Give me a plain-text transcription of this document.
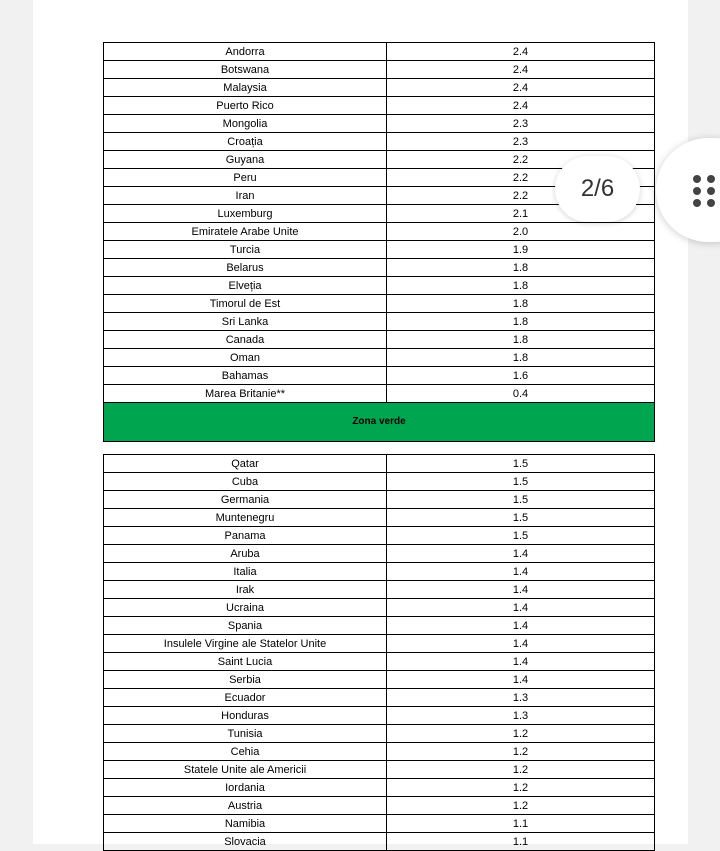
Andorra	2.4
Botswana	2.4
Malaysia	2.4
Puerto Rico	2.4
Mongolia	2.3
Croația	2.3
Guyana	2.2
Peru	2.2
Iran	2.2
Luxemburg	2.1
Emiratele Arabe Unite	2.0
Turcia	1.9
Belarus	1.8
Elveția	1.8
Timorul de Est	1.8
Sri Lanka	1.8
Canada	1.8
Oman	1.8
Bahamas	1.6
Marea Britanie**	0.4
Zona verde	

Qatar	1.5
Cuba	1.5
Germania	1.5
Muntenegru	1.5
Panama	1.5
Aruba	1.4
Italia	1.4
Irak	1.4
Ucraina	1.4
Spania	1.4
Insulele Virgine ale Statelor Unite	1.4
Saint Lucia	1.4
Serbia	1.4
Ecuador	1.3
Honduras	1.3
Tunisia	1.2
Cehia	1.2
Statele Unite ale Americii	1.2
Iordania	1.2
Austria	1.2
Namibia	1.1
Slovacia	1.1
2/6
